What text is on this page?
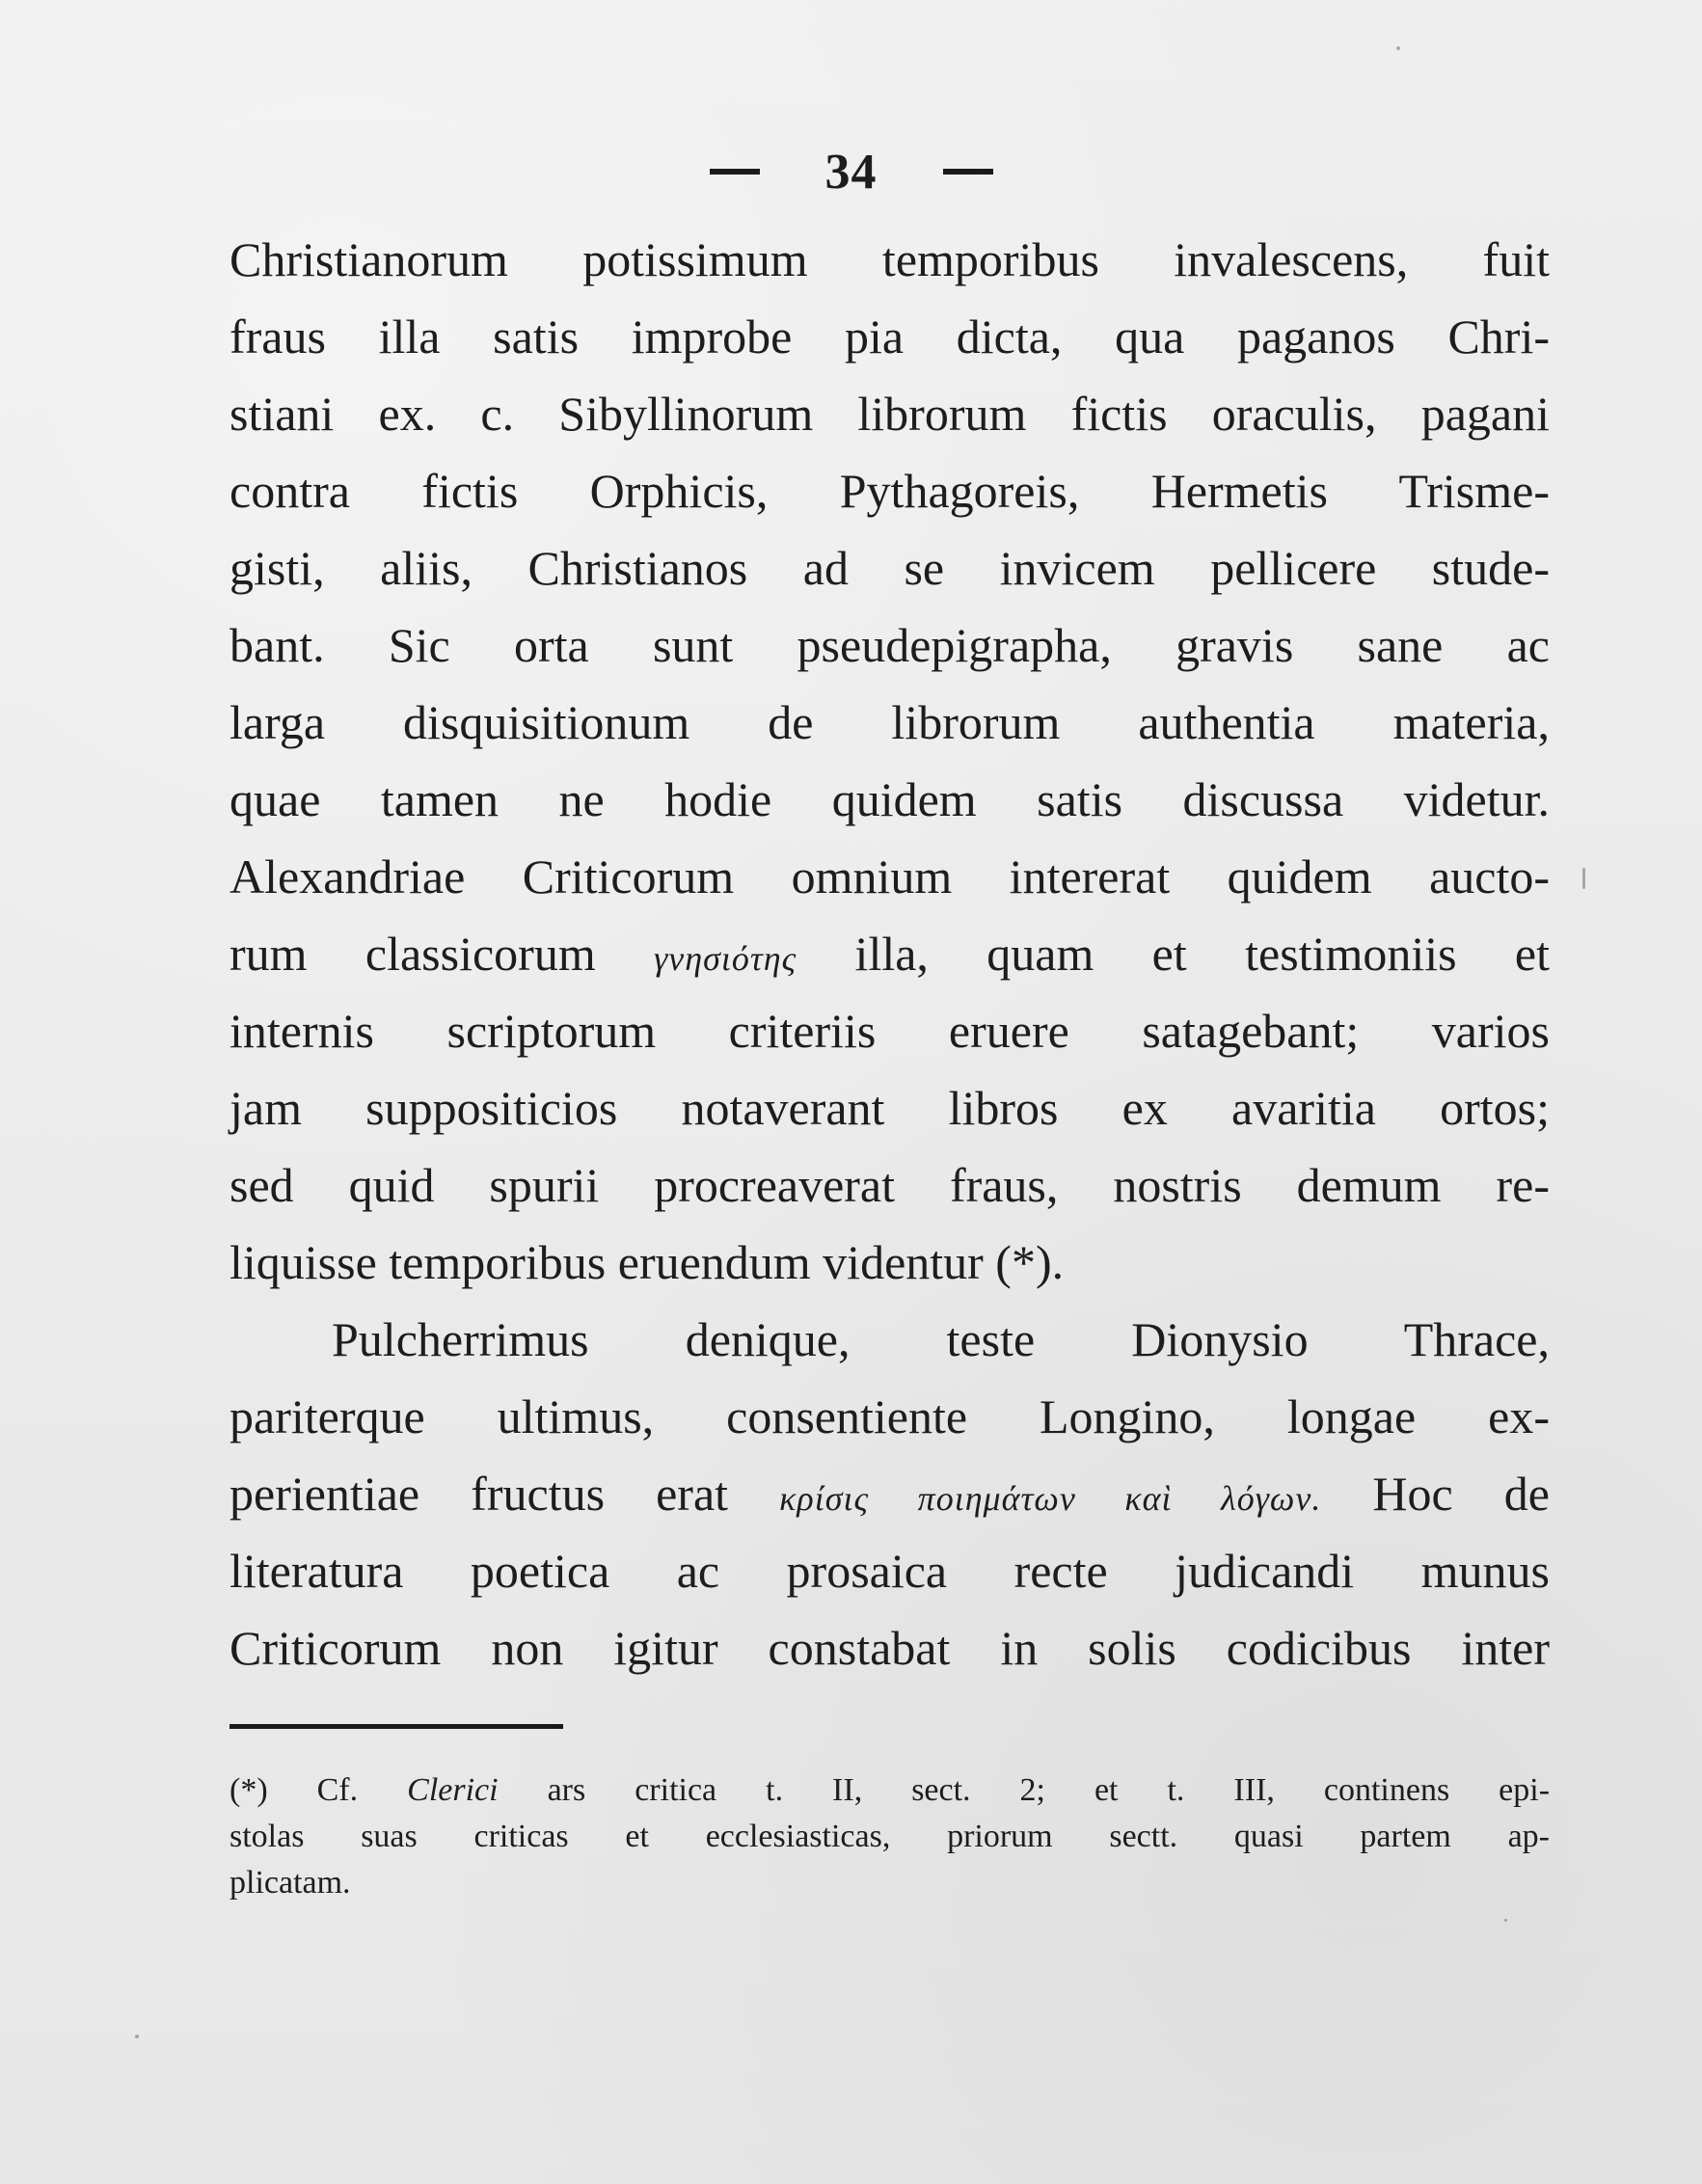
34
Christianorum potissimum temporibus invalescens, fuit
fraus illa satis improbe pia dicta, qua paganos Chri-
stiani ex. c. Sibyllinorum librorum fictis oraculis, pagani
contra fictis Orphicis, Pythagoreis, Hermetis Trisme-
gisti, aliis, Christianos ad se invicem pellicere stude-
bant. Sic orta sunt pseudepigrapha, gravis sane ac
larga disquisitionum de librorum authentia materia,
quae tamen ne hodie quidem satis discussa videtur.
Alexandriae Criticorum omnium intererat quidem aucto-
rum classicorum γνησιότης illa, quam et testimoniis et
internis scriptorum criteriis eruere satagebant; varios
jam suppositicios notaverant libros ex avaritia ortos;
sed quid spurii procreaverat fraus, nostris demum re-
liquisse temporibus eruendum videntur (*).
Pulcherrimus denique, teste Dionysio Thrace,
pariterque ultimus, consentiente Longino, longae ex-
perientiae fructus erat κρίσις ποιημάτων καὶ λόγων. Hoc de
literatura poetica ac prosaica recte judicandi munus
Criticorum non igitur constabat in solis codicibus inter
(*) Cf. Clerici ars critica t. II, sect. 2; et t. III, continens epi-
stolas suas criticas et ecclesiasticas, priorum sectt. quasi partem ap-
plicatam.
